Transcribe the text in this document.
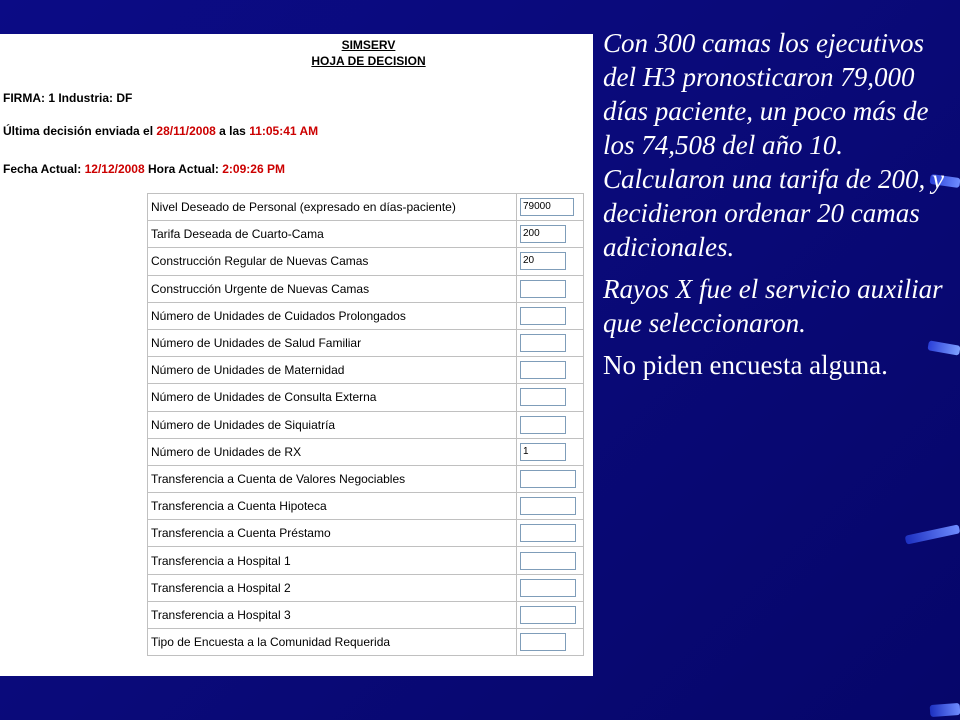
SIMSERV
HOJA DE DECISION
FIRMA: 1 Industria: DF
Última decisión enviada el 28/11/2008 a las 11:05:41 AM
Fecha Actual: 12/12/2008 Hora Actual: 2:09:26 PM
Nivel Deseado de Personal (expresado en días-paciente)	79000

Tarifa Deseada de Cuarto-Cama	200

Construcción Regular de Nuevas Camas	20

Construcción Urgente de Nuevas Camas	

Número de Unidades de Cuidados Prolongados	

Número de Unidades de Salud Familiar	

Número de Unidades de Maternidad	

Número de Unidades de Consulta Externa	

Número de Unidades de Siquiatría	

Número de Unidades de RX	1

Transferencia a Cuenta de Valores Negociables	

Transferencia a Cuenta Hipoteca	

Transferencia a Cuenta Préstamo	

Transferencia a Hospital 1	

Transferencia a Hospital 2	

Transferencia a Hospital 3	

Tipo de Encuesta a la Comunidad Requerida	

Con 300 camas los ejecutivos del H3 pronosticaron 79,000 días paciente, un poco más de los 74,508 del año 10. Calcularon una tarifa de 200, y decidieron ordenar 20 camas adicionales.

Rayos X fue el servicio auxiliar que seleccionaron.

No piden encuesta alguna.
